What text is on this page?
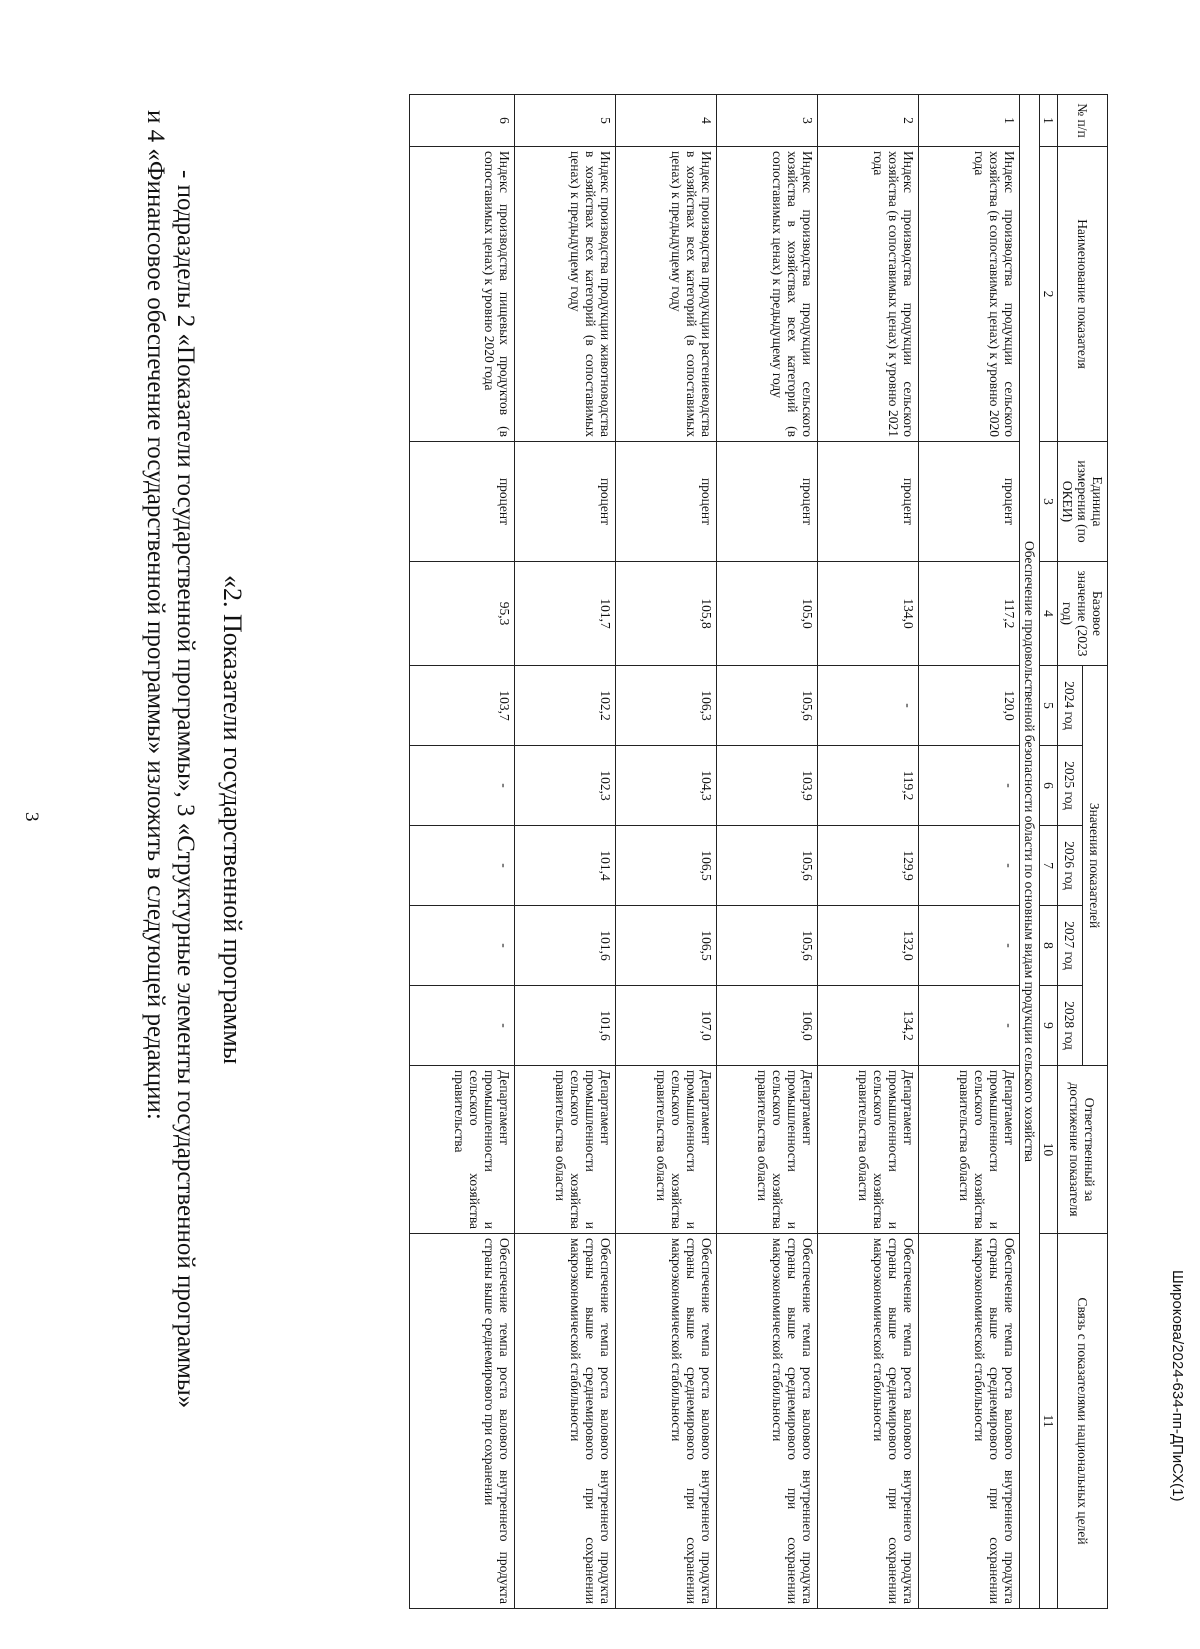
3	- подразделы 2 «Показатели государственной программы», 3 «Структурные элементы государственной программы»
и 4 «Финансовое обеспечение государственной программы» изложить в следующей редакции: «2. Показатели государственной программы
№ п/п	Наименование показателя	Единица измерения (по ОКЕИ)	Базовое значение (2023 год)	Значения показателей					Ответственный за достижение показателя	Связь с показателями национальных целей
				2024 год	2025 год	2026 год	2027 год	2028 год		
1	2	3	4	5	6	7	8	9	10	11
Обеспечение продовольственной безопасности области по основным видам продукции сельского хозяйства										
1	Индекс производства продукции сельского хозяйства (в сопоставимых ценах) к уровню 2020 года	процент	117,2	120,0	-	-	-	-	Департамент промышленности и сельского хозяйства правительства области	Обеспечение темпа роста валового внутреннего продукта страны выше среднемирового при сохранении макроэкономической стабильности
2	Индекс производства продукции сельского хозяйства (в сопоставимых ценах) к уровню 2021 года	процент	134,0	-	119,2	129,9	132,0	134,2	Департамент промышленности и сельского хозяйства правительства области	Обеспечение темпа роста валового внутреннего продукта страны выше среднемирового при сохранении макроэкономической стабильности
3	Индекс производства продукции сельского хозяйства в хозяйствах всех категорий (в сопоставимых ценах) к предыдущему году	процент	105,0	105,6	103,9	105,6	105,6	106,0	Департамент промышленности и сельского хозяйства правительства области	Обеспечение темпа роста валового внутреннего продукта страны выше среднемирового при сохранении макроэкономической стабильности
4	Индекс производства продукции растениеводства в хозяйствах всех категорий (в сопоставимых ценах) к предыдущему году	процент	105,8	106,3	104,3	106,5	106,5	107,0	Департамент промышленности и сельского хозяйства правительства области	Обеспечение темпа роста валового внутреннего продукта страны выше среднемирового при сохранении макроэкономической стабильности
5	Индекс производства продукции животноводства в хозяйствах всех категорий (в сопоставимых ценах) к предыдущему году	процент	101,7	102,2	102,3	101,4	101,6	101,6	Департамент промышленности и сельского хозяйства правительства области	Обеспечение темпа роста валового внутреннего продукта страны выше среднемирового при сохранении макроэкономической стабильности
6	Индекс производства пищевых продуктов (в сопоставимых ценах) к уровню 2020 года	процент	95,3	103,7	-	-	-	-	Департамент промышленности и сельского хозяйства правительства	Обеспечение темпа роста валового внутреннего продукта страны выше среднемирового при сохранении	Широкова/2024-634-пп-ДПиСХ(1)
